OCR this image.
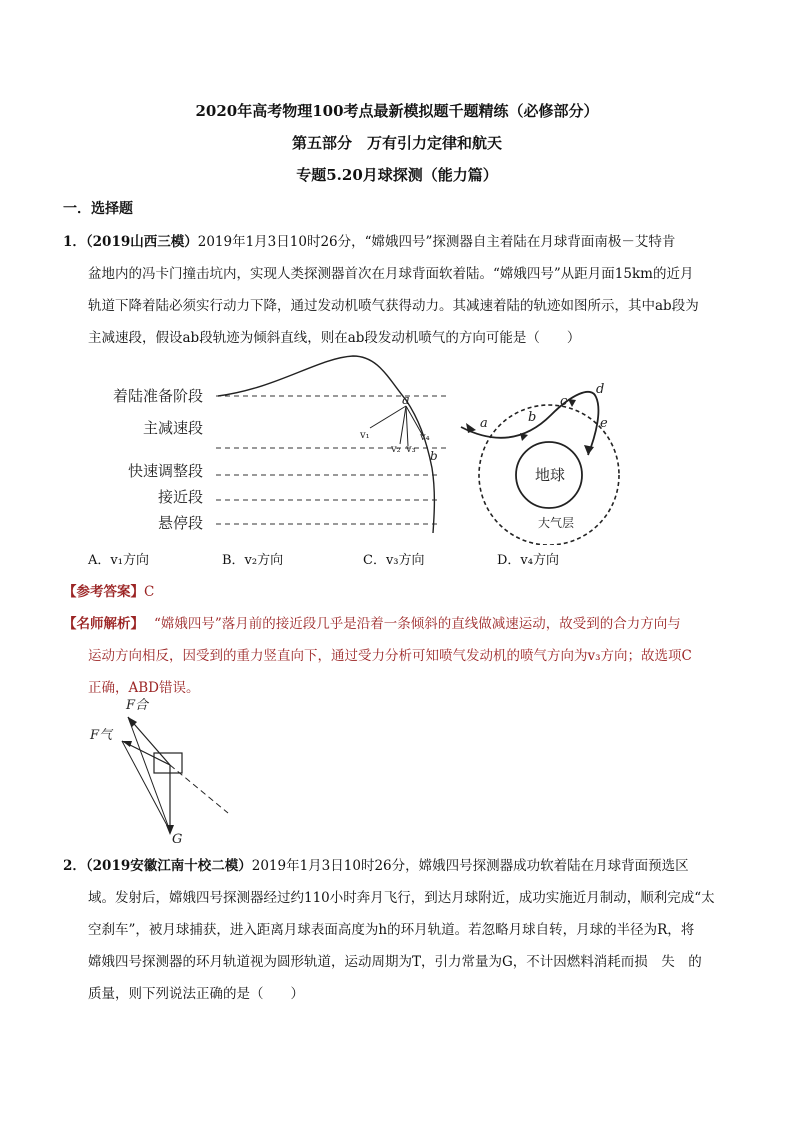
2020年高考物理100考点最新模拟题千题精练（必修部分）
第五部分　万有引力定律和航天
专题5.20月球探测（能力篇）
一．选择题
1．（2019山西三模）2019年1月3日10时26分，“嫦娥四号”探测器自主着陆在月球背面南极－艾特肯
盆地内的冯卡门撞击坑内，实现人类探测器首次在月球背面软着陆。“嫦娥四号”从距月面15km的近月
轨道下降着陆必须实行动力下降，通过发动机喷气获得动力。其减速着陆的轨迹如图所示，其中ab段为
主减速段，假设ab段轨迹为倾斜直线，则在ab段发动机喷气的方向可能是（　　）
着陆准备阶段
主减速段
快速调整段
接近段
悬停段
a
b
v₁
v₂ v₃
v₄
地球
大气层
a	b
c
d
e
A．v₁方向	B．v₂方向	C．v₃方向	D．v₄方向
【参考答案】C
【名师解析】 “嫦娥四号”落月前的接近段几乎是沿着一条倾斜的直线做减速运动，故受到的合力方向与
运动方向相反，因受到的重力竖直向下，通过受力分析可知喷气发动机的喷气方向为v₃方向；故选项C
正确，ABD错误。
F合
F气
G
2．（2019安徽江南十校二模）2019年1月3日10时26分，嫦娥四号探测器成功软着陆在月球背面预选区
域。发射后，嫦娥四号探测器经过约110小时奔月飞行，到达月球附近，成功实施近月制动，顺利完成“太
空刹车”，被月球捕获，进入距离月球表面高度为h的环月轨道。若忽略月球自转，月球的半径为R，将
嫦娥四号探测器的环月轨道视为圆形轨道，运动周期为T，引力常量为G，不计因燃料消耗而损　失　的
质量，则下列说法正确的是（　　）
